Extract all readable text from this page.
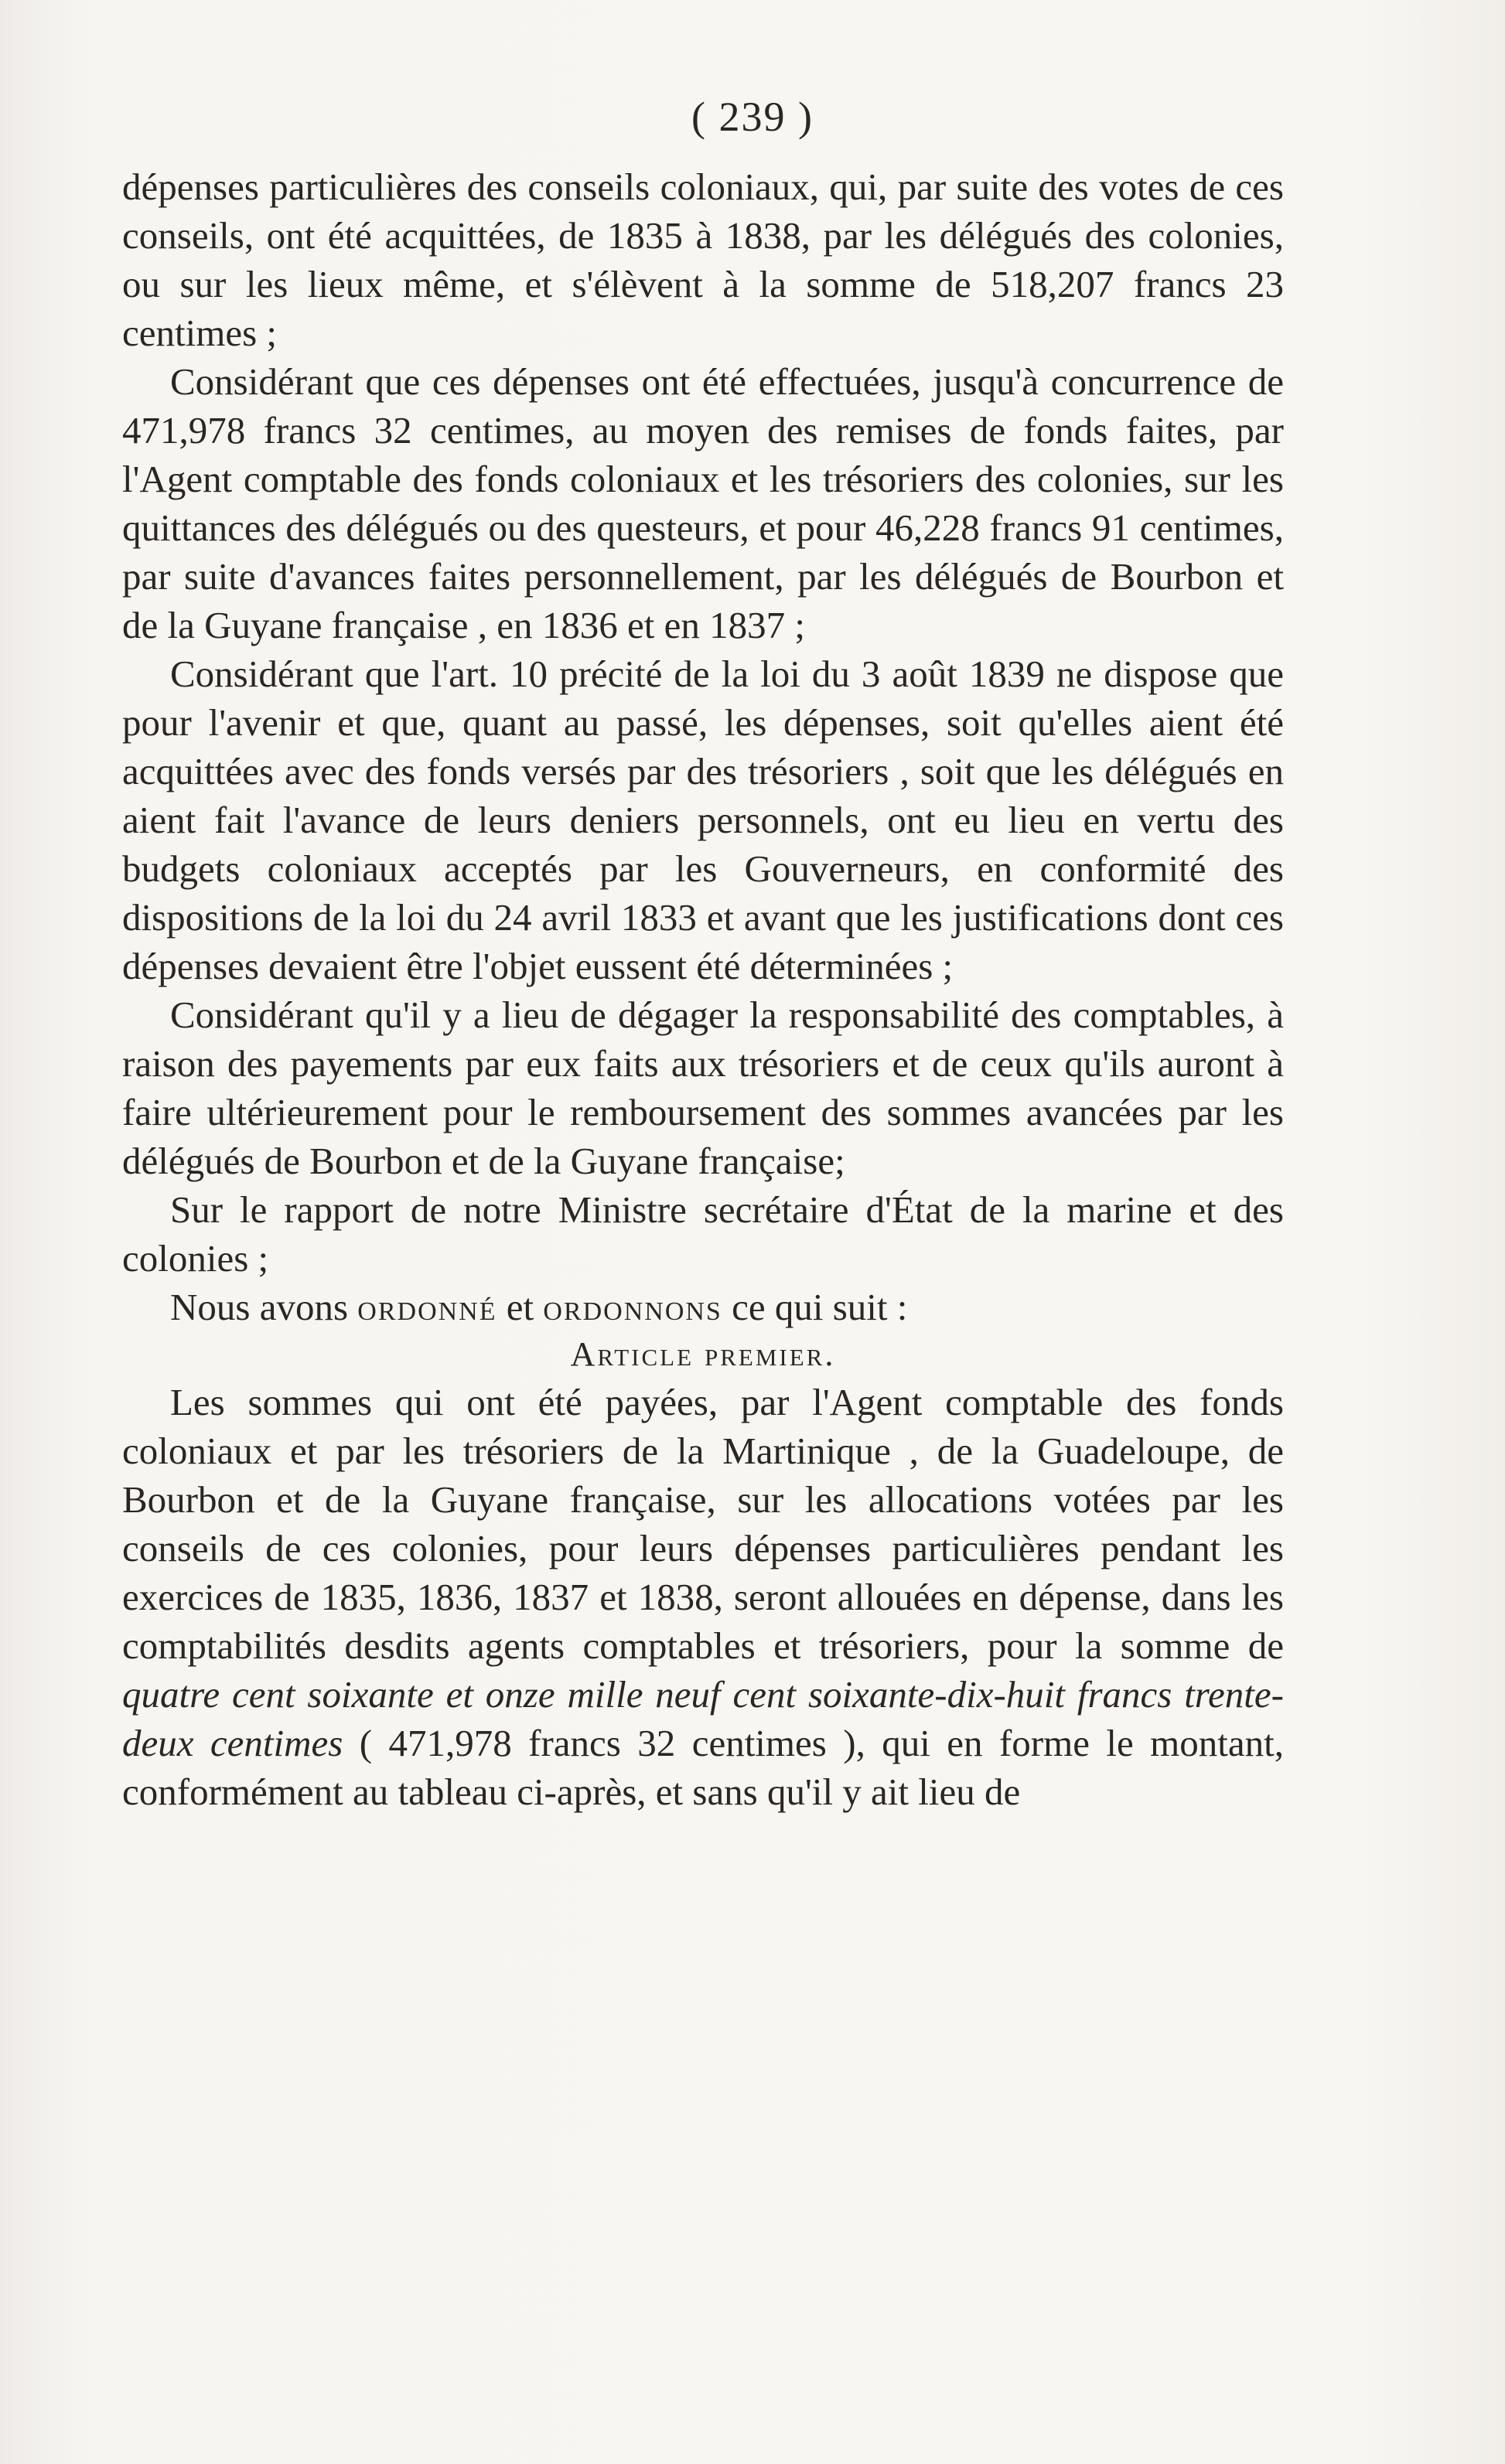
( 239 )

dépenses particulières des conseils coloniaux, qui, par suite des votes de ces conseils, ont été acquittées, de 1835 à 1838, par les délégués des colonies, ou sur les lieux même, et s'élèvent à la somme de 518,207 francs 23 centimes ;

Considérant que ces dépenses ont été effectuées, jusqu'à concurrence de 471,978 francs 32 centimes, au moyen des remises de fonds faites, par l'Agent comptable des fonds coloniaux et les trésoriers des colonies, sur les quittances des délégués ou des questeurs, et pour 46,228 francs 91 centimes, par suite d'avances faites personnellement, par les délégués de Bourbon et de la Guyane française , en 1836 et en 1837 ;

Considérant que l'art. 10 précité de la loi du 3 août 1839 ne dispose que pour l'avenir et que, quant au passé, les dépenses, soit qu'elles aient été acquittées avec des fonds versés par des trésoriers , soit que les délégués en aient fait l'avance de leurs deniers personnels, ont eu lieu en vertu des budgets coloniaux acceptés par les Gouverneurs, en conformité des dispositions de la loi du 24 avril 1833 et avant que les justifications dont ces dépenses devaient être l'objet eussent été déterminées ;

Considérant qu'il y a lieu de dégager la responsabilité des comptables, à raison des payements par eux faits aux trésoriers et de ceux qu'ils auront à faire ultérieurement pour le remboursement des sommes avancées par les délégués de Bourbon et de la Guyane française;

Sur le rapport de notre Ministre secrétaire d'État de la marine et des colonies ;

Nous avons ordonné et ordonnons ce qui suit :

Article premier.

Les sommes qui ont été payées, par l'Agent comptable des fonds coloniaux et par les trésoriers de la Martinique , de la Guadeloupe, de Bourbon et de la Guyane française, sur les allocations votées par les conseils de ces colonies, pour leurs dépenses particulières pendant les exercices de 1835, 1836, 1837 et 1838, seront allouées en dépense, dans les comptabilités desdits agents comptables et trésoriers, pour la somme de quatre cent soixante et onze mille neuf cent soixante-dix-huit francs trente-deux centimes ( 471,978 francs 32 centimes ), qui en forme le montant, conformément au tableau ci-après, et sans qu'il y ait lieu de
